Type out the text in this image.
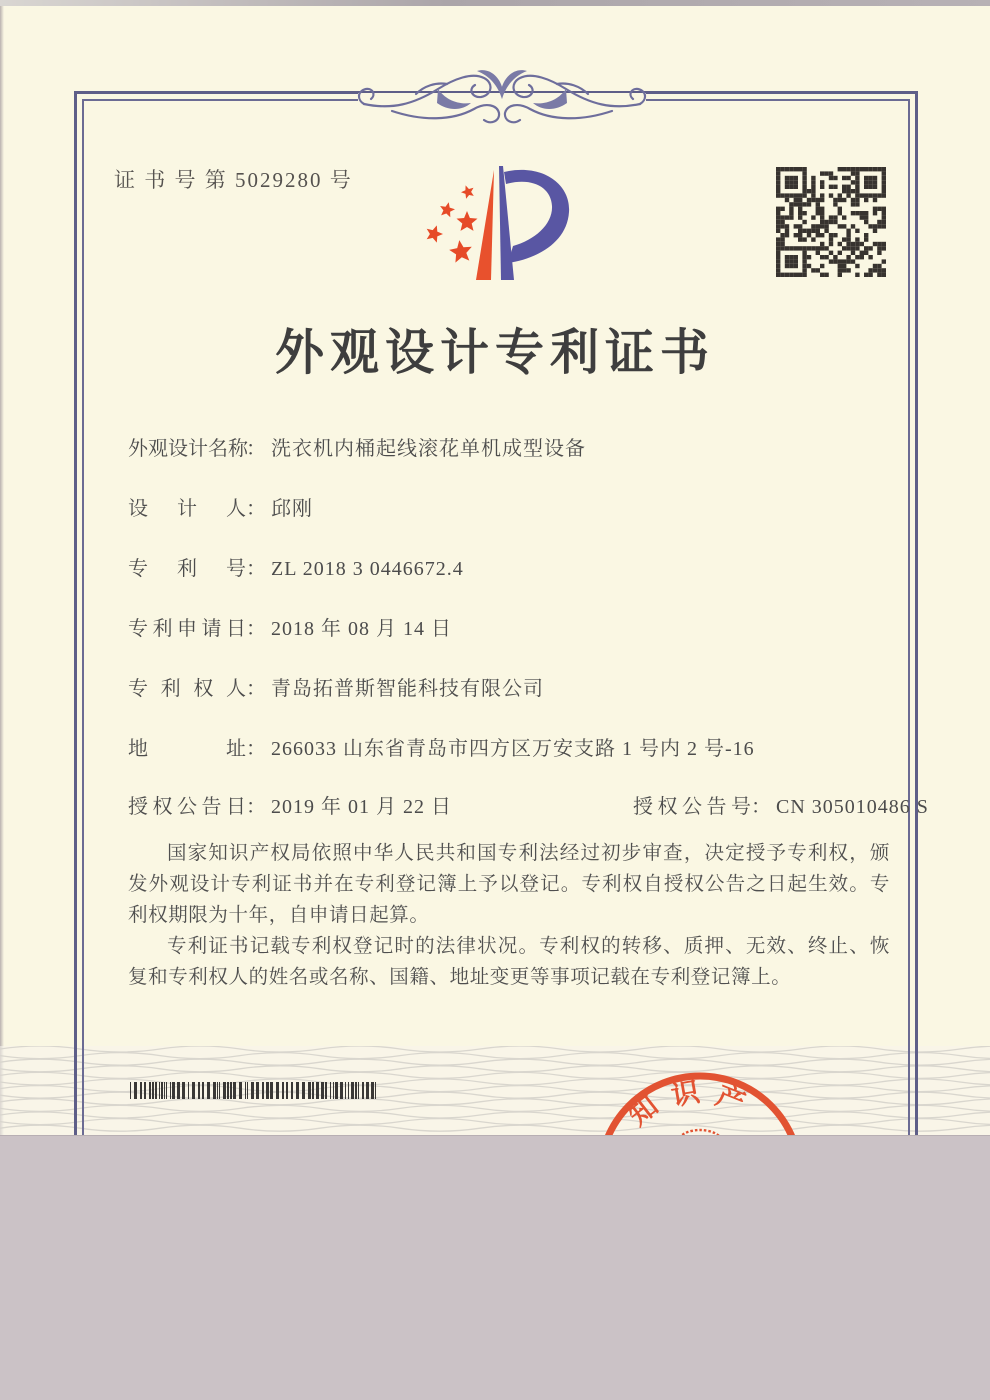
证 书 号 第 5029280 号
外观设计专利证书
外观设计名称： 洗衣机内桶起线滚花单机成型设备
设计人： 邱刚
专利号： ZL 2018 3 0446672.4
专利申请日： 2018 年 08 月 14 日
专利权人： 青岛拓普斯智能科技有限公司
地址： 266033 山东省青岛市四方区万安支路 1 号内 2 号-16
授权公告日： 2019 年 01 月 22 日	授权公告号： CN 305010486 S

国家知识产权局依照中华人民共和国专利法经过初步审查，决定授予专利权，颁发外观设计专利证书并在专利登记簿上予以登记。专利权自授权公告之日起生效。专利权期限为十年，自申请日起算。

专利证书记载专利权登记时的法律状况。专利权的转移、质押、无效、终止、恢复和专利权人的姓名或名称、国籍、地址变更等事项记载在专利登记簿上。

知 识 产
